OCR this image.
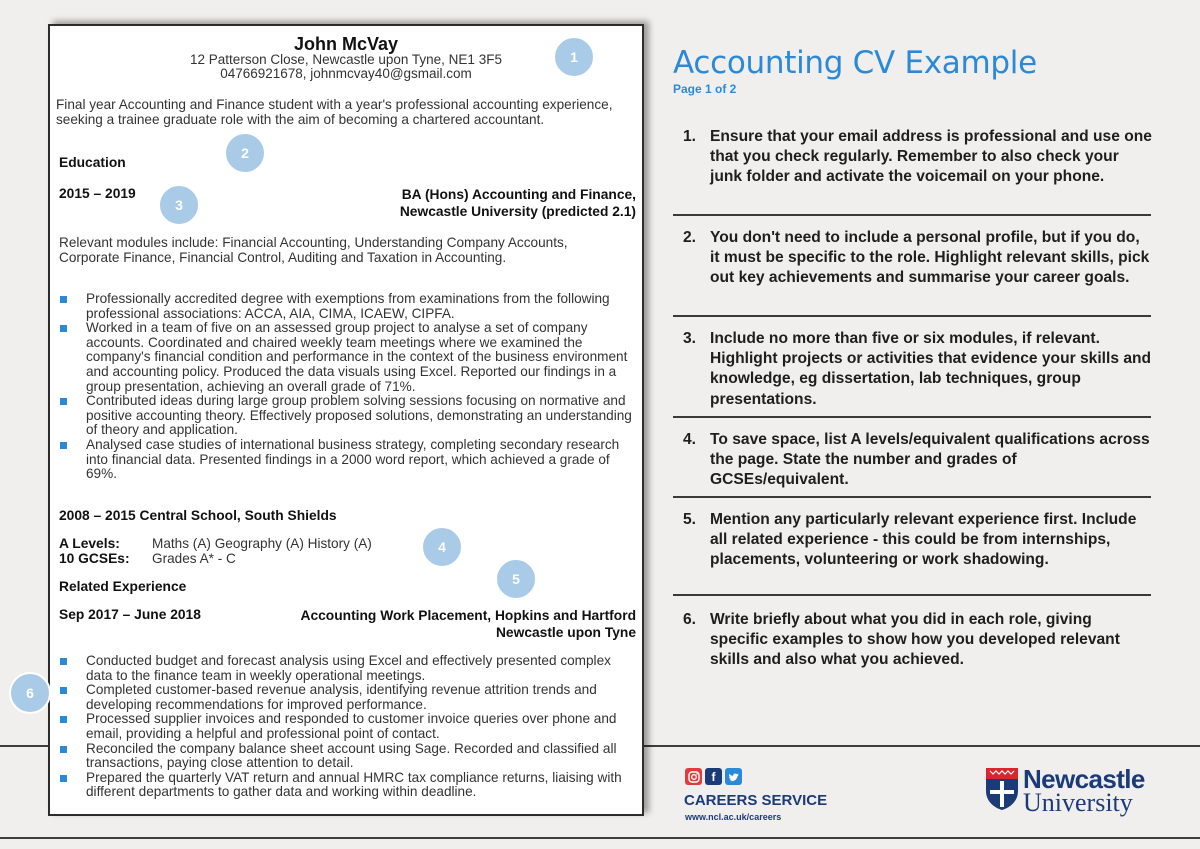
John McVay
12 Patterson Close, Newcastle upon Tyne, NE1 3F5
04766921678, johnmcvay40@gsmail.com
Final year Accounting and Finance student with a year's professional accounting experience, seeking a trainee graduate role with the aim of becoming a chartered accountant.
Education
2015 – 2019	BA (Hons) Accounting and Finance,
Newcastle University (predicted 2.1)
Relevant modules include: Financial Accounting, Understanding Company Accounts, Corporate Finance, Financial Control, Auditing and Taxation in Accounting.
Professionally accredited degree with exemptions from examinations from the following professional associations: ACCA, AIA, CIMA, ICAEW, CIPFA.
Worked in a team of five on an assessed group project to analyse a set of company accounts. Coordinated and chaired weekly team meetings where we examined the company's financial condition and performance in the context of the business environment and accounting policy. Produced the data visuals using Excel. Reported our findings in a group presentation, achieving an overall grade of 71%.
Contributed ideas during large group problem solving sessions focusing on normative and positive accounting theory. Effectively proposed solutions, demonstrating an understanding of theory and application.
Analysed case studies of international business strategy, completing secondary research into financial data. Presented findings in a 2000 word report, which achieved a grade of 69%.
2008 – 2015 Central School, South Shields
A Levels: Maths (A) Geography (A) History (A)
10 GCSEs: Grades A* - C
Related Experience
Sep 2017 – June 2018	Accounting Work Placement, Hopkins and Hartford
Newcastle upon Tyne
Conducted budget and forecast analysis using Excel and effectively presented complex data to the finance team in weekly operational meetings.
Completed customer-based revenue analysis, identifying revenue attrition trends and developing recommendations for improved performance.
Processed supplier invoices and responded to customer invoice queries over phone and email, providing a helpful and professional point of contact.
Reconciled the company balance sheet account using Sage. Recorded and classified all transactions, paying close attention to detail.
Prepared the quarterly VAT return and annual HMRC tax compliance returns, liaising with different departments to gather data and working within deadline.
1
2
3
4
5
6
Accounting CV Example
Page 1 of 2
1. Ensure that your email address is professional and use one that you check regularly. Remember to also check your junk folder and activate the voicemail on your phone.
2. You don't need to include a personal profile, but if you do, it must be specific to the role. Highlight relevant skills, pick out key achievements and summarise your career goals.
3. Include no more than five or six modules, if relevant. Highlight projects or activities that evidence your skills and knowledge, eg dissertation, lab techniques, group presentations.
4. To save space, list A levels/equivalent qualifications across the page. State the number and grades of GCSEs/equivalent.
5. Mention any particularly relevant experience first. Include all related experience - this could be from internships, placements, volunteering or work shadowing.
6. Write briefly about what you did in each role, giving specific examples to show how you developed relevant skills and also what you achieved.
f
CAREERS SERVICE
www.ncl.ac.uk/careers
Newcastle
University
